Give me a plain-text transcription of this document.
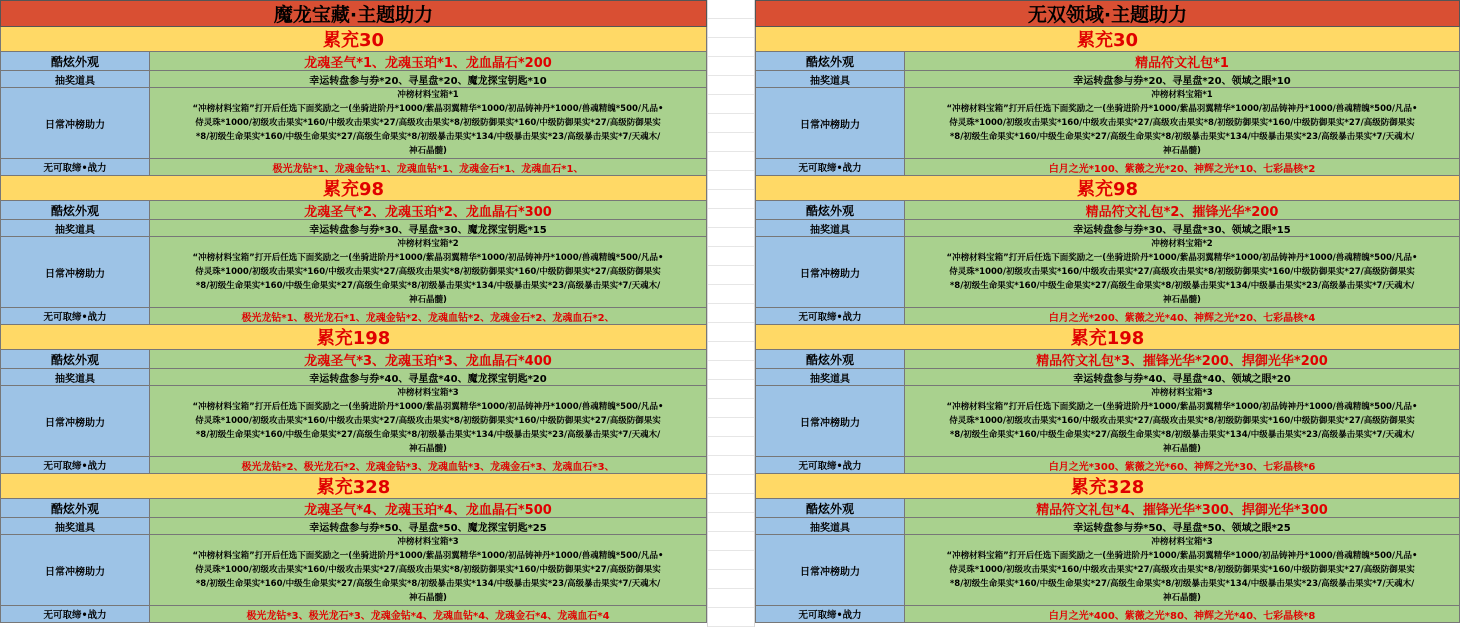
魔龙宝藏·主题助力
累充30
酷炫外观	龙魂圣气*1、龙魂玉珀*1、龙血晶石*200
抽奖道具	幸运转盘参与券*20、寻星盘*20、魔龙探宝钥匙*10
日常冲榜助力
冲榜材料宝箱*1
“冲榜材料宝箱”打开后任选下面奖励之一(坐骑进阶丹*1000/紫晶羽翼精华*1000/初品铸神丹*1000/兽魂精魄*500/凡品•
侍灵珠*1000/初级攻击果实*160/中级攻击果实*27/高级攻击果实*8/初级防御果实*160/中级防御果实*27/高级防御果实
*8/初级生命果实*160/中级生命果实*27/高级生命果实*8/初级暴击果实*134/中级暴击果实*23/高级暴击果实*7/天魂木/
神石晶髓)
无可取缔•战力	极光龙钻*1、龙魂金钻*1、龙魂血钻*1、龙魂金石*1、龙魂血石*1、
累充98
酷炫外观	龙魂圣气*2、龙魂玉珀*2、龙血晶石*300
抽奖道具	幸运转盘参与券*30、寻星盘*30、魔龙探宝钥匙*15
日常冲榜助力
冲榜材料宝箱*2
“冲榜材料宝箱”打开后任选下面奖励之一(坐骑进阶丹*1000/紫晶羽翼精华*1000/初品铸神丹*1000/兽魂精魄*500/凡品•
侍灵珠*1000/初级攻击果实*160/中级攻击果实*27/高级攻击果实*8/初级防御果实*160/中级防御果实*27/高级防御果实
*8/初级生命果实*160/中级生命果实*27/高级生命果实*8/初级暴击果实*134/中级暴击果实*23/高级暴击果实*7/天魂木/
神石晶髓)
无可取缔•战力	极光龙钻*1、极光龙石*1、龙魂金钻*2、龙魂血钻*2、龙魂金石*2、龙魂血石*2、
累充198
酷炫外观	龙魂圣气*3、龙魂玉珀*3、龙血晶石*400
抽奖道具	幸运转盘参与券*40、寻星盘*40、魔龙探宝钥匙*20
日常冲榜助力
冲榜材料宝箱*3
“冲榜材料宝箱”打开后任选下面奖励之一(坐骑进阶丹*1000/紫晶羽翼精华*1000/初品铸神丹*1000/兽魂精魄*500/凡品•
侍灵珠*1000/初级攻击果实*160/中级攻击果实*27/高级攻击果实*8/初级防御果实*160/中级防御果实*27/高级防御果实
*8/初级生命果实*160/中级生命果实*27/高级生命果实*8/初级暴击果实*134/中级暴击果实*23/高级暴击果实*7/天魂木/
神石晶髓)
无可取缔•战力	极光龙钻*2、极光龙石*2、龙魂金钻*3、龙魂血钻*3、龙魂金石*3、龙魂血石*3、
累充328
酷炫外观	龙魂圣气*4、龙魂玉珀*4、龙血晶石*500
抽奖道具	幸运转盘参与券*50、寻星盘*50、魔龙探宝钥匙*25
日常冲榜助力
冲榜材料宝箱*3
“冲榜材料宝箱”打开后任选下面奖励之一(坐骑进阶丹*1000/紫晶羽翼精华*1000/初品铸神丹*1000/兽魂精魄*500/凡品•
侍灵珠*1000/初级攻击果实*160/中级攻击果实*27/高级攻击果实*8/初级防御果实*160/中级防御果实*27/高级防御果实
*8/初级生命果实*160/中级生命果实*27/高级生命果实*8/初级暴击果实*134/中级暴击果实*23/高级暴击果实*7/天魂木/
神石晶髓)
无可取缔•战力	极光龙钻*3、极光龙石*3、龙魂金钻*4、龙魂血钻*4、龙魂金石*4、龙魂血石*4
无双领域·主题助力
累充30
酷炫外观	精品符文礼包*1
抽奖道具	幸运转盘参与券*20、寻星盘*20、领域之眼*10
日常冲榜助力
冲榜材料宝箱*1
“冲榜材料宝箱”打开后任选下面奖励之一(坐骑进阶丹*1000/紫晶羽翼精华*1000/初品铸神丹*1000/兽魂精魄*500/凡品•
侍灵珠*1000/初级攻击果实*160/中级攻击果实*27/高级攻击果实*8/初级防御果实*160/中级防御果实*27/高级防御果实
*8/初级生命果实*160/中级生命果实*27/高级生命果实*8/初级暴击果实*134/中级暴击果实*23/高级暴击果实*7/天魂木/
神石晶髓)
无可取缔•战力	白月之光*100、紫薇之光*20、神辉之光*10、七彩晶核*2
累充98
酷炫外观	精品符文礼包*2、摧锋光华*200
抽奖道具	幸运转盘参与券*30、寻星盘*30、领域之眼*15
日常冲榜助力
冲榜材料宝箱*2
“冲榜材料宝箱”打开后任选下面奖励之一(坐骑进阶丹*1000/紫晶羽翼精华*1000/初品铸神丹*1000/兽魂精魄*500/凡品•
侍灵珠*1000/初级攻击果实*160/中级攻击果实*27/高级攻击果实*8/初级防御果实*160/中级防御果实*27/高级防御果实
*8/初级生命果实*160/中级生命果实*27/高级生命果实*8/初级暴击果实*134/中级暴击果实*23/高级暴击果实*7/天魂木/
神石晶髓)
无可取缔•战力	白月之光*200、紫薇之光*40、神辉之光*20、七彩晶核*4
累充198
酷炫外观	精品符文礼包*3、摧锋光华*200、捍御光华*200
抽奖道具	幸运转盘参与券*40、寻星盘*40、领域之眼*20
日常冲榜助力
冲榜材料宝箱*3
“冲榜材料宝箱”打开后任选下面奖励之一(坐骑进阶丹*1000/紫晶羽翼精华*1000/初品铸神丹*1000/兽魂精魄*500/凡品•
侍灵珠*1000/初级攻击果实*160/中级攻击果实*27/高级攻击果实*8/初级防御果实*160/中级防御果实*27/高级防御果实
*8/初级生命果实*160/中级生命果实*27/高级生命果实*8/初级暴击果实*134/中级暴击果实*23/高级暴击果实*7/天魂木/
神石晶髓)
无可取缔•战力	白月之光*300、紫薇之光*60、神辉之光*30、七彩晶核*6
累充328
酷炫外观	精品符文礼包*4、摧锋光华*300、捍御光华*300
抽奖道具	幸运转盘参与券*50、寻星盘*50、领域之眼*25
日常冲榜助力
冲榜材料宝箱*3
“冲榜材料宝箱”打开后任选下面奖励之一(坐骑进阶丹*1000/紫晶羽翼精华*1000/初品铸神丹*1000/兽魂精魄*500/凡品•
侍灵珠*1000/初级攻击果实*160/中级攻击果实*27/高级攻击果实*8/初级防御果实*160/中级防御果实*27/高级防御果实
*8/初级生命果实*160/中级生命果实*27/高级生命果实*8/初级暴击果实*134/中级暴击果实*23/高级暴击果实*7/天魂木/
神石晶髓)
无可取缔•战力	白月之光*400、紫薇之光*80、神辉之光*40、七彩晶核*8
